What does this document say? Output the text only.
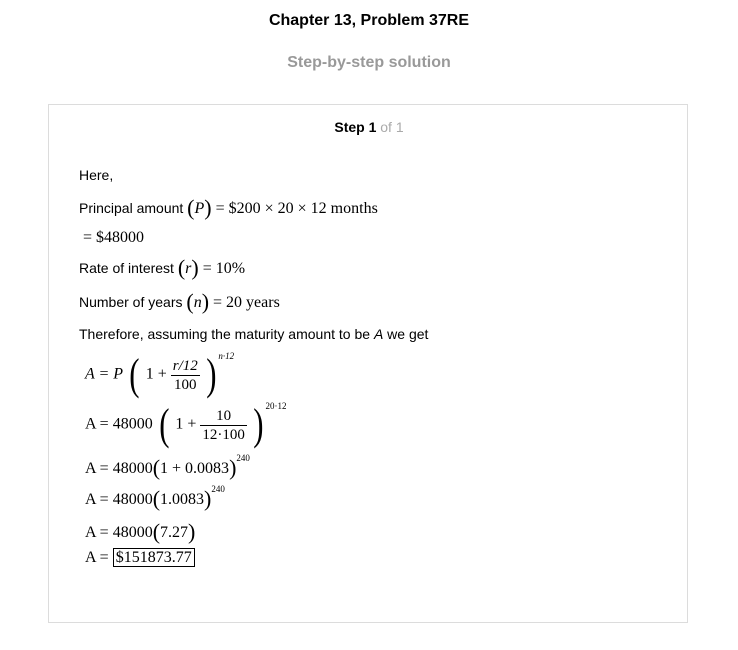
Chapter 13, Problem 37RE
Step-by-step solution
Step 1 of 1
Here,
Principal amount (P) = $200 × 20 × 12 months
= $48000
Rate of interest (r) = 10%
Number of years (n) = 20 years
Therefore, assuming the maturity amount to be A we get
A = P ( $1 + \frac{r/12}{100}$ ) $^{n\cdot 12}$
A = 48000 ( $1 + \frac{10}{12\cdot 100}$ ) $^{20\cdot 12}$
$A = 48000(1 + 0.0083)^{240}$
$A = 48000(1.0083)^{240}$
A = 48000(7.27)
A = $151873.77
